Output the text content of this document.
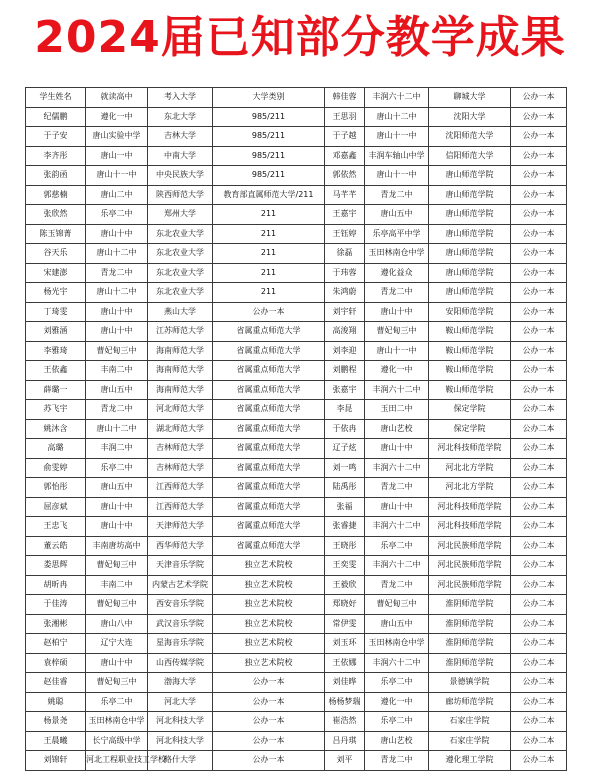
2024届已知部分教学成果
学生姓名	就读高中	考入大学	大学类别	韩佳蓉	丰润六十二中	聊城大学	公办一本
纪儒鹏	遵化一中	东北大学	985/211	王思羽	唐山十二中	沈阳大学	公办一本
于子安	唐山实验中学	吉林大学	985/211	于子越	唐山十一中	沈阳师范大学	公办一本
李齐彤	唐山一中	中南大学	985/211	邓嘉鑫	丰润车轴山中学	信阳师范大学	公办一本
张韵函	唐山十一中	中央民族大学	985/211	郭依然	唐山十一中	唐山师范学院	公办一本
郭慈楠	唐山二中	陕西师范大学	教育部直属师范大学/211	马芊芊	青龙二中	唐山师范学院	公办一本
张欣然	乐亭二中	郑州大学	211	王嘉宇	唐山五中	唐山师范学院	公办一本
陈玉锦菁	唐山十中	东北农业大学	211	王钰婷	乐亭高平中学	唐山师范学院	公办一本
谷天乐	唐山十二中	东北农业大学	211	徐磊	玉田林南仓中学	唐山师范学院	公办一本
宋建澎	青龙二中	东北农业大学	211	于玮蓉	遵化益众	唐山师范学院	公办一本
杨光宇	唐山十二中	东北农业大学	211	朱鸿蔚	青龙二中	唐山师范学院	公办一本
丁琦雯	唐山十中	燕山大学	公办一本	刘宇轩	唐山十中	安阳师范学院	公办一本
刘雅涵	唐山十中	江苏师范大学	省属重点师范大学	高浚翔	曹妃甸三中	鞍山师范学院	公办一本
李雅琦	曹妃甸三中	海南师范大学	省属重点师范大学	刘李迎	唐山十一中	鞍山师范学院	公办一本
王依鑫	丰南二中	海南师范大学	省属重点师范大学	刘鹏程	遵化一中	鞍山师范学院	公办一本
薛璐一	唐山五中	海南师范大学	省属重点师范大学	张嘉宇	丰润六十二中	鞍山师范学院	公办一本
苏飞宇	青龙二中	河北师范大学	省属重点师范大学	李昆	玉田二中	保定学院	公办二本
姚沐含	唐山十二中	湖北师范大学	省属重点师范大学	于依冉	唐山艺校	保定学院	公办二本
高璐	丰润二中	吉林师范大学	省属重点师范大学	辽子炫	唐山十中	河北科技师范学院	公办二本
俞雯婷	乐亭二中	吉林师范大学	省属重点师范大学	刘一鸣	丰润六十二中	河北北方学院	公办二本
郭怡彤	唐山五中	江西师范大学	省属重点师范大学	陆禹彤	青龙二中	河北北方学院	公办二本
屈彦斌	唐山十中	江西师范大学	省属重点师范大学	张福	唐山十中	河北科技师范学院	公办二本
王忠飞	唐山十中	天津师范大学	省属重点师范大学	张睿捷	丰润六十二中	河北科技师范学院	公办二本
董云皓	丰南唐坊高中	西华师范大学	省属重点师范大学	王晓彤	乐亭二中	河北民族师范学院	公办二本
娄思辉	曹妃甸三中	天津音乐学院	独立艺术院校	王奕雯	丰润六十二中	河北民族师范学院	公办二本
胡昕冉	丰南二中	内蒙古艺术学院	独立艺术院校	王毅欣	青龙二中	河北民族师范学院	公办二本
于佳涛	曹妃甸三中	西安音乐学院	独立艺术院校	郑晓好	曹妃甸三中	淮阴师范学院	公办二本
张湘彬	唐山八中	武汉音乐学院	独立艺术院校	常伊雯	唐山五中	淮阴师范学院	公办二本
赵柏宁	辽宁大连	星海音乐学院	独立艺术院校	刘玉环	玉田林南仓中学	淮阴师范学院	公办二本
袁梓硕	唐山十中	山西传媒学院	独立艺术院校	王依娜	丰润六十二中	淮阴师范学院	公办二本
赵佳睿	曹妃甸三中	渤海大学	公办一本	刘佳晔	乐亭二中	景德镇学院	公办二本
姚聪	乐亭二中	河北大学	公办一本	杨杨梦瑞	遵化一中	廊坊师范学院	公办二本
杨景尧	玉田林南仓中学	河北科技大学	公办一本	崔浩然	乐亭二中	石家庄学院	公办二本
王晨曦	长宁高级中学	河北科技大学	公办一本	吕丹琪	唐山艺校	石家庄学院	公办二本
刘锦轩	河北工程职业技工学校	略什大学	公办一本	刘平	青龙二中	遵化理工学院	公办二本
